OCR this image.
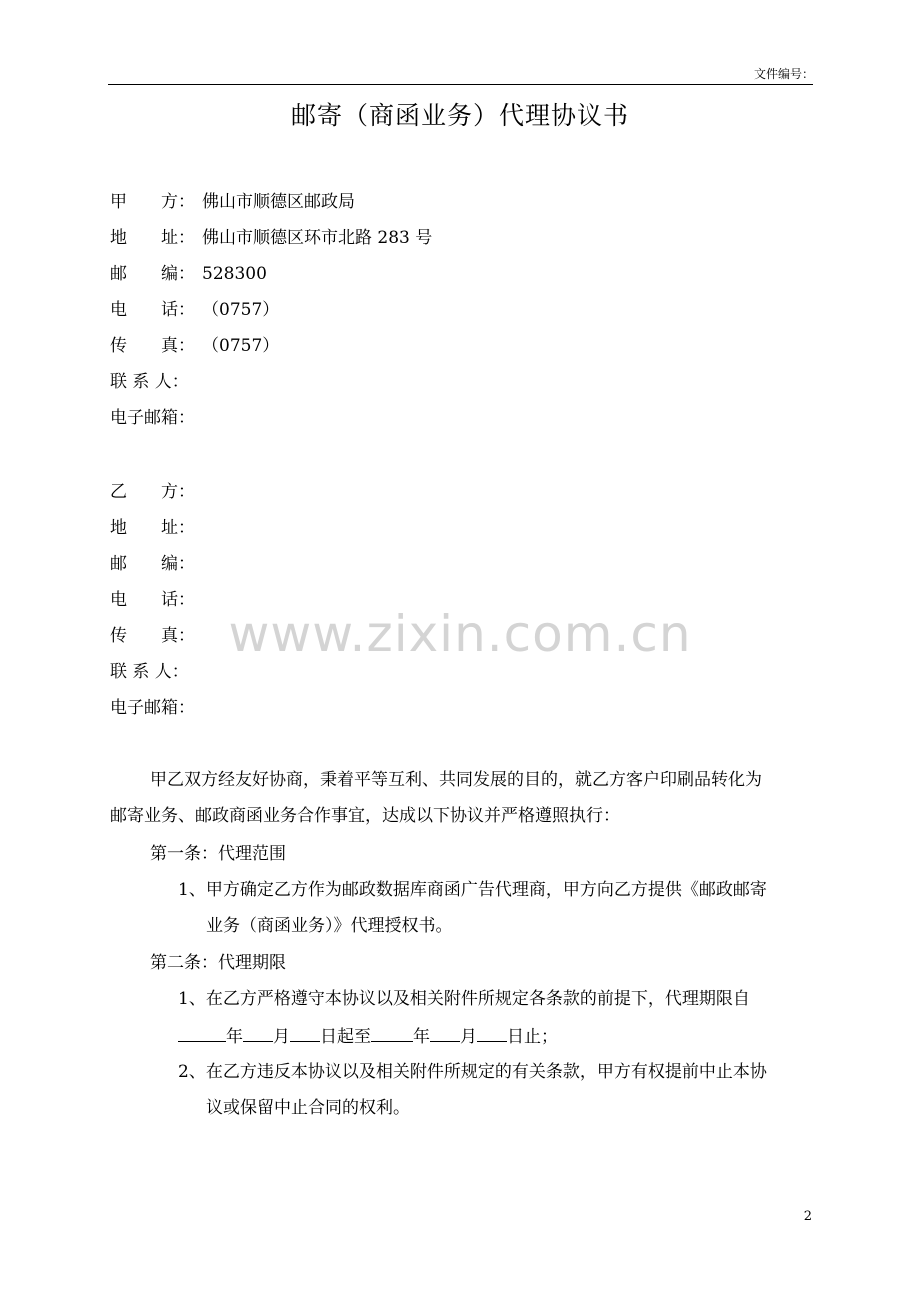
文件编号：
邮寄（商函业务）代理协议书
甲　　方： 佛山市顺德区邮政局
地　　址： 佛山市顺德区环市北路 283 号
邮　　编： 528300
电　　话： （0757）
传　　真： （0757）
联 系 人：
电子邮箱：
乙　　方：
地　　址：
邮　　编：
电　　话：
传　　真：
联 系 人：
电子邮箱：
www.zixin.com.cn
甲乙双方经友好协商，秉着平等互利、共同发展的目的，就乙方客户印刷品转化为
邮寄业务、邮政商函业务合作事宜，达成以下协议并严格遵照执行：
第一条：代理范围
1、甲方确定乙方作为邮政数据库商函广告代理商，甲方向乙方提供《邮政邮寄
业务（商函业务）》代理授权书。
第二条：代理期限
1、在乙方严格遵守本协议以及相关附件所规定各条款的前提下，代理期限自
年 月 日起至 年 月 日止；
2、在乙方违反本协议以及相关附件所规定的有关条款，甲方有权提前中止本协
议或保留中止合同的权利。
2
